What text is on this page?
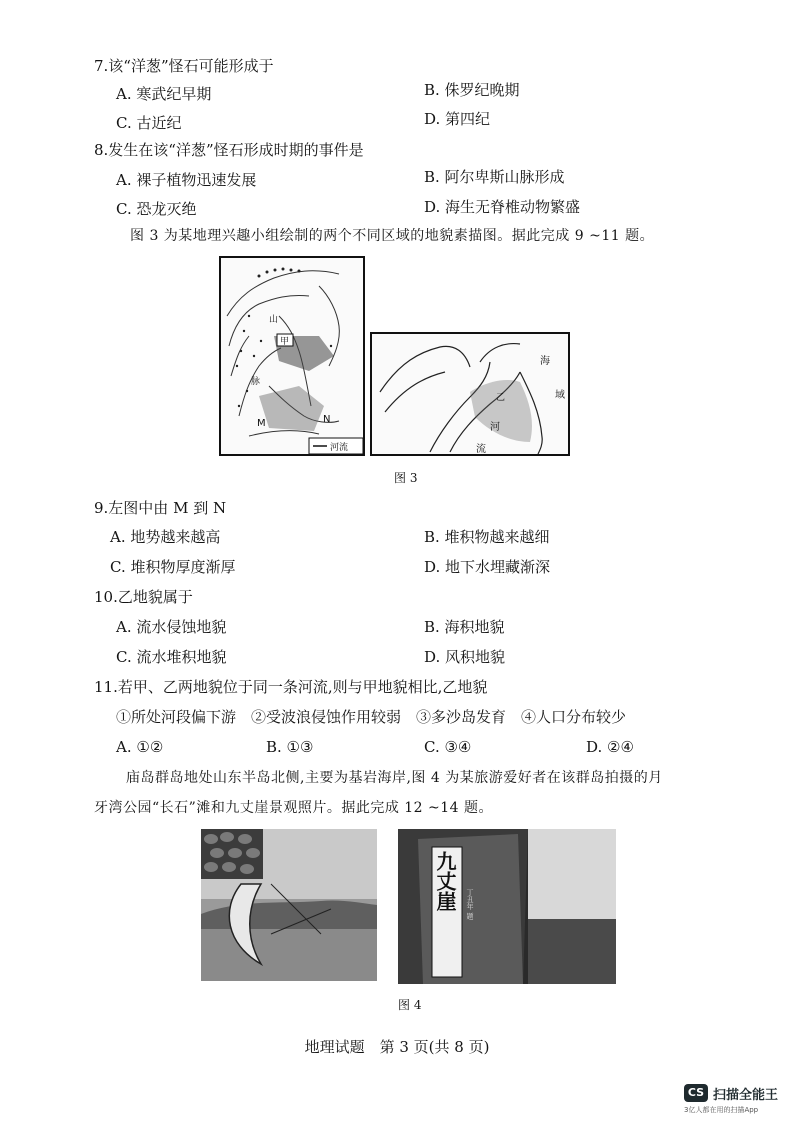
7.该“洋葱”怪石可能形成于
A. 寒武纪早期	B. 侏罗纪晚期
C. 古近纪	D. 第四纪
8.发生在该“洋葱”怪石形成时期的事件是
A. 裸子植物迅速发展	B. 阿尔卑斯山脉形成
C. 恐龙灭绝	D. 海生无脊椎动物繁盛
图 3 为某地理兴趣小组绘制的两个不同区域的地貌素描图。据此完成 9 ~11 题。
甲
山
脉
M	N
河流
海
域
乙
河
流
图 3
9.左图中由 M 到 N
A. 地势越来越高	B. 堆积物越来越细
C. 堆积物厚度渐厚	D. 地下水埋藏渐深
10.乙地貌属于
A. 流水侵蚀地貌	B. 海积地貌
C. 流水堆积地貌	D. 风积地貌
11.若甲、乙两地貌位于同一条河流,则与甲地貌相比,乙地貌
①所处河段偏下游　②受波浪侵蚀作用较弱　③多沙岛发育　④人口分布较少
A. ①②	B. ①③	C. ③④	D. ②④
庙岛群岛地处山东半岛北侧,主要为基岩海岸,图 4 为某旅游爱好者在该群岛拍摄的月
牙湾公园“长石”滩和九丈崖景观照片。据此完成 12 ~14 题。
九丈崖	丁丑年 题
图 4
地理试题　第 3 页(共 8 页)
CS 扫描全能王
3亿人都在用的扫描App
